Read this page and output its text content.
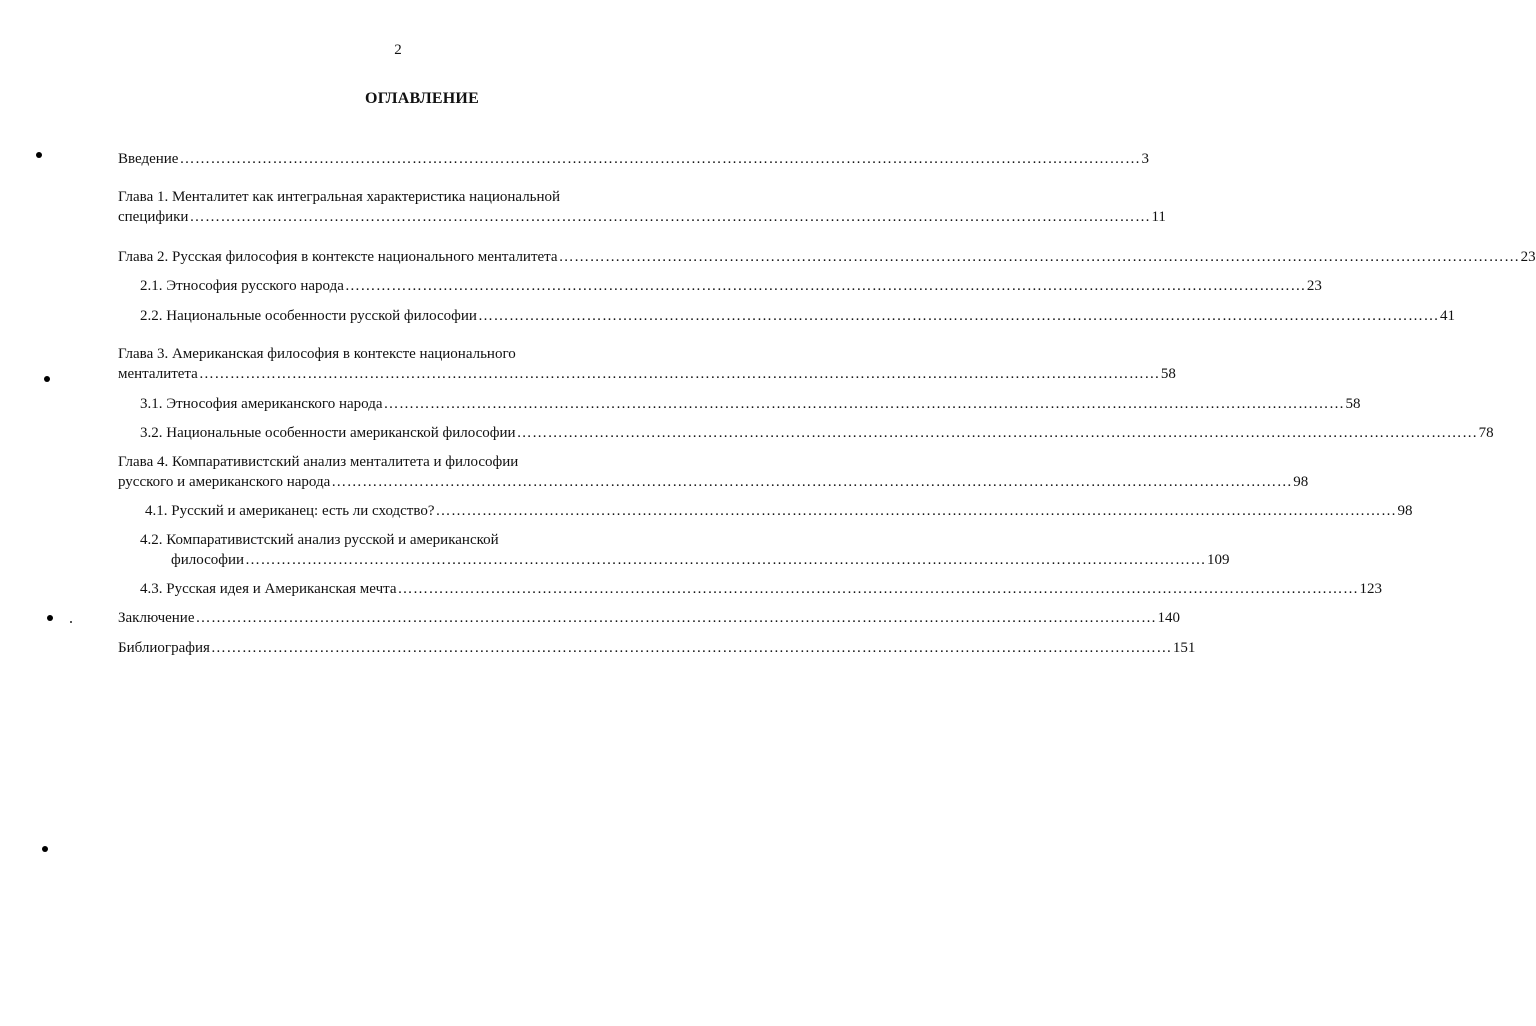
2
ОГЛАВЛЕНИЕ
Введение …………………………………………………………………………………………………………………………………………………………………… 3
Глава 1. Менталитет как интегральная характеристика национальной
специфики …………………………………………………………………………………………………………………………………………………………………… 11
Глава 2. Русская философия в контексте национального менталитета …………………………………………………………………………………………………………………………………………………………………… 23
2.1. Этнософия русского народа …………………………………………………………………………………………………………………………………………………………………… 23
2.2. Национальные особенности русской философии …………………………………………………………………………………………………………………………………………………………………… 41
Глава 3. Американская философия в контексте национального
менталитета …………………………………………………………………………………………………………………………………………………………………… 58
3.1. Этнософия американского народа …………………………………………………………………………………………………………………………………………………………………… 58
3.2. Национальные особенности американской философии …………………………………………………………………………………………………………………………………………………………………… 78
Глава 4. Компаративистский анализ менталитета и философии
русского и американского народа …………………………………………………………………………………………………………………………………………………………………… 98
4.1. Русский и американец: есть ли сходство? …………………………………………………………………………………………………………………………………………………………………… 98
4.2. Компаративистский анализ русской и американской
философии …………………………………………………………………………………………………………………………………………………………………… 109
4.3. Русская идея и Американская мечта …………………………………………………………………………………………………………………………………………………………………… 123
Заключение …………………………………………………………………………………………………………………………………………………………………… 140
Библиография …………………………………………………………………………………………………………………………………………………………………… 151
